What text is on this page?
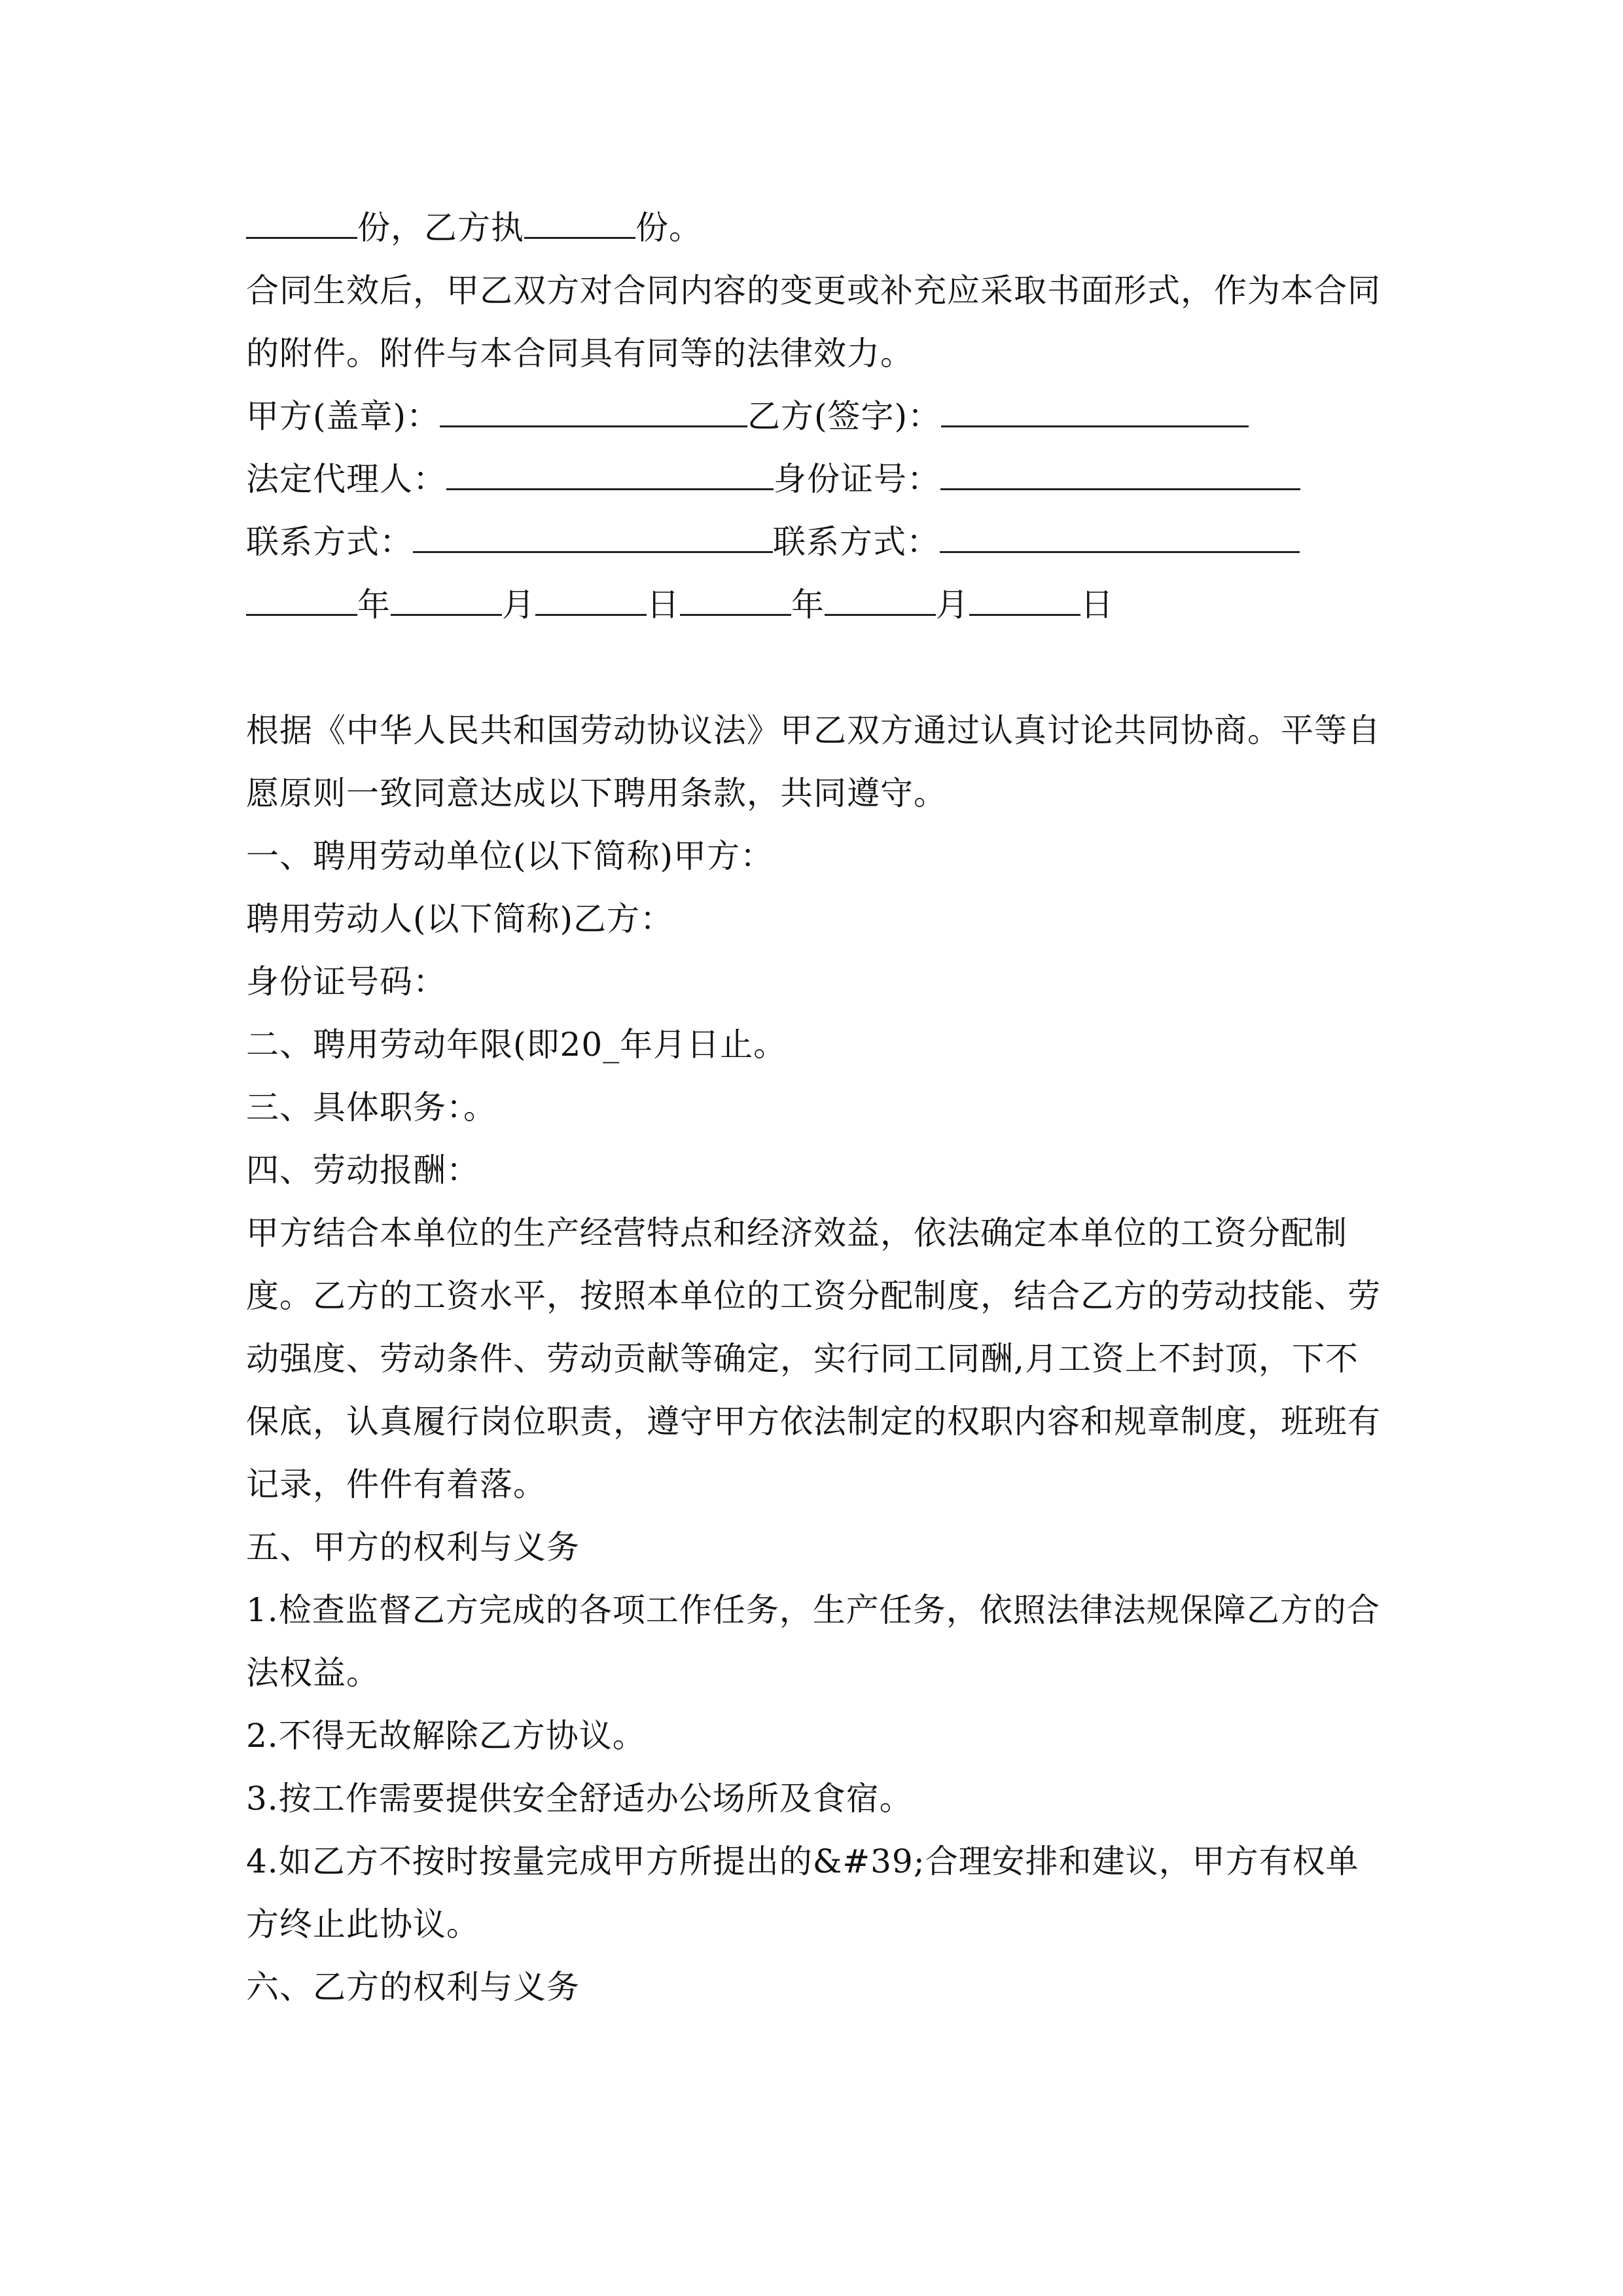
份，乙方执	份。

合同生效后，甲乙双方对合同内容的变更或补充应采取书面形式，作为本合同的附件。附件与本合同具有同等的法律效力。

甲方(盖章)：	乙方(签字)：
法定代理人：	身份证号：
联系方式：	联系方式：
年	月	日	年	月	日

根据《中华人民共和国劳动协议法》甲乙双方通过认真讨论共同协商。平等自愿原则一致同意达成以下聘用条款，共同遵守。

一、聘用劳动单位(以下简称)甲方：

聘用劳动人(以下简称)乙方：

身份证号码：

二、聘用劳动年限(即20_年月日止。

三、具体职务：。

四、劳动报酬：

甲方结合本单位的生产经营特点和经济效益，依法确定本单位的工资分配制度。乙方的工资水平，按照本单位的工资分配制度，结合乙方的劳动技能、劳动强度、劳动条件、劳动贡献等确定，实行同工同酬,月工资上不封顶，下不保底，认真履行岗位职责，遵守甲方依法制定的权职内容和规章制度，班班有记录，件件有着落。

五、甲方的权利与义务

1.检查监督乙方完成的各项工作任务，生产任务，依照法律法规保障乙方的合法权益。

2.不得无故解除乙方协议。

3.按工作需要提供安全舒适办公场所及食宿。

4.如乙方不按时按量完成甲方所提出的&#39;合理安排和建议，甲方有权单方终止此协议。

六、乙方的权利与义务
